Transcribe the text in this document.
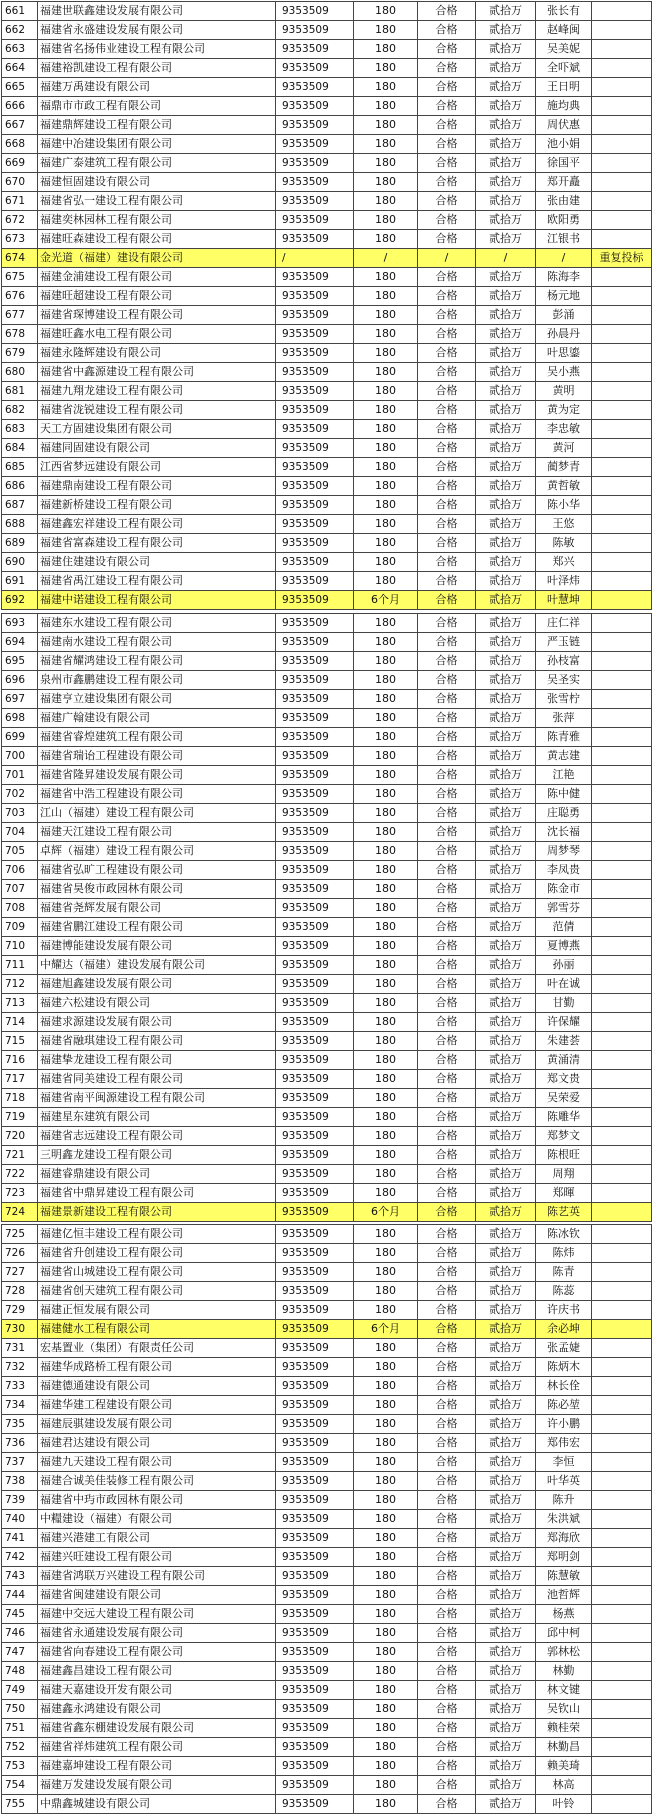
661	福建世联鑫建设发展有限公司	9353509	180	合格	贰拾万	张长有	
662	福建省永盛建设发展有限公司	9353509	180	合格	贰拾万	赵峰闽	
663	福建省名扬伟业建设工程有限公司	9353509	180	合格	贰拾万	吴美妮	
664	福建裕凯建设工程有限公司	9353509	180	合格	贰拾万	全吓斌	
665	福建万禹建设有限公司	9353509	180	合格	贰拾万	王日明	
666	福鼎市市政工程有限公司	9353509	180	合格	贰拾万	施均典	
667	福建鼎辉建设工程有限公司	9353509	180	合格	贰拾万	周伏惠	
668	福建中冶建设集团有限公司	9353509	180	合格	贰拾万	池小娟	
669	福建广泰建筑工程有限公司	9353509	180	合格	贰拾万	徐国平	
670	福建恒固建设有限公司	9353509	180	合格	贰拾万	郑开矗	
671	福建省弘一建设工程有限公司	9353509	180	合格	贰拾万	张由建	
672	福建奕林园林工程有限公司	9353509	180	合格	贰拾万	欧阳勇	
673	福建旺森建设工程有限公司	9353509	180	合格	贰拾万	江银书	
674	金光道（福建）建设有限公司	/	/	/	/	/	重复投标
675	福建金浦建设工程有限公司	9353509	180	合格	贰拾万	陈海李	
676	福建旺超建设工程有限公司	9353509	180	合格	贰拾万	杨元地	
677	福建省琛博建设工程有限公司	9353509	180	合格	贰拾万	彭涌	
678	福建旺鑫水电工程有限公司	9353509	180	合格	贰拾万	孙晨丹	
679	福建永隆辉建设有限公司	9353509	180	合格	贰拾万	叶思鎏	
680	福建省中鑫源建设工程有限公司	9353509	180	合格	贰拾万	吴小燕	
681	福建九翔龙建设工程有限公司	9353509	180	合格	贰拾万	黄明	
682	福建省泷锐建设工程有限公司	9353509	180	合格	贰拾万	黄为定	
683	天工方固建设集团有限公司	9353509	180	合格	贰拾万	李忠敏	
684	福建同固建设有限公司	9353509	180	合格	贰拾万	黄河	
685	江西省梦远建设有限公司	9353509	180	合格	贰拾万	蔺梦青	
686	福建鼎南建设工程有限公司	9353509	180	合格	贰拾万	黄哲敏	
687	福建新桥建设工程有限公司	9353509	180	合格	贰拾万	陈小华	
688	福建鑫宏祥建设工程有限公司	9353509	180	合格	贰拾万	王悠	
689	福建省富森建设工程有限公司	9353509	180	合格	贰拾万	陈敏	
690	福建住建建设有限公司	9353509	180	合格	贰拾万	郑兴	
691	福建省禹江建设工程有限公司	9353509	180	合格	贰拾万	叶泽炜	
692	福建中诺建设工程有限公司	9353509	6个月	合格	贰拾万	叶慧坤	
693	福建东水建设工程有限公司	9353509	180	合格	贰拾万	庄仁祥	
694	福建南水建设工程有限公司	9353509	180	合格	贰拾万	严玉链	
695	福建省耀鸿建设工程有限公司	9353509	180	合格	贰拾万	孙枝富	
696	泉州市鑫鹏建设工程有限公司	9353509	180	合格	贰拾万	吴圣实	
697	福建亨立建设集团有限公司	9353509	180	合格	贰拾万	张雪柠	
698	福建广翰建设有限公司	9353509	180	合格	贰拾万	张萍	
699	福建省睿煌建筑工程有限公司	9353509	180	合格	贰拾万	陈青雅	
700	福建省瑞诒工程建设有限公司	9353509	180	合格	贰拾万	黄志建	
701	福建省隆昇建设发展有限公司	9353509	180	合格	贰拾万	江艳	
702	福建省中浩工程建设有限公司	9353509	180	合格	贰拾万	陈中健	
703	江山（福建）建设工程有限公司	9353509	180	合格	贰拾万	庄聪勇	
704	福建天江建设工程有限公司	9353509	180	合格	贰拾万	沈长福	
705	卓辉（福建）建设工程有限公司	9353509	180	合格	贰拾万	周梦琴	
706	福建省弘旷工程建设有限公司	9353509	180	合格	贰拾万	李凤贵	
707	福建省昊俊市政园林有限公司	9353509	180	合格	贰拾万	陈金市	
708	福建省尧辉发展有限公司	9353509	180	合格	贰拾万	郭雪芬	
709	福建省鹏江建设工程有限公司	9353509	180	合格	贰拾万	范倩	
710	福建博能建设发展有限公司	9353509	180	合格	贰拾万	夏博燕	
711	中耀达（福建）建设发展有限公司	9353509	180	合格	贰拾万	孙丽	
712	福建旭鑫建设发展有限公司	9353509	180	合格	贰拾万	叶在诚	
713	福建六松建设有限公司	9353509	180	合格	贰拾万	甘勤	
714	福建求源建设发展有限公司	9353509	180	合格	贰拾万	许保耀	
715	福建省融琪建设工程有限公司	9353509	180	合格	贰拾万	朱建荟	
716	福建挚龙建设工程有限公司	9353509	180	合格	贰拾万	黄涌清	
717	福建省同美建设工程有限公司	9353509	180	合格	贰拾万	郑文贵	
718	福建省南平闽源建设工程有限公司	9353509	180	合格	贰拾万	吴荣爱	
719	福建星东建筑有限公司	9353509	180	合格	贰拾万	陈雕华	
720	福建省志远建设工程有限公司	9353509	180	合格	贰拾万	郑梦文	
721	三明鑫龙建设工程有限公司	9353509	180	合格	贰拾万	陈根旺	
722	福建睿鼎建设有限公司	9353509	180	合格	贰拾万	周翔	
723	福建省中鼎昇建设工程有限公司	9353509	180	合格	贰拾万	郑暉	
724	福建景新建设工程有限公司	9353509	6个月	合格	贰拾万	陈艺英	
725	福建亿恒丰建设工程有限公司	9353509	180	合格	贰拾万	陈冰钦	
726	福建省升创建设工程有限公司	9353509	180	合格	贰拾万	陈炜	
727	福建省山城建设工程有限公司	9353509	180	合格	贰拾万	陈青	
728	福建省创天建筑工程有限公司	9353509	180	合格	贰拾万	陈蕊	
729	福建正恒发展有限公司	9353509	180	合格	贰拾万	许庆书	
730	福建健水工程有限公司	9353509	6个月	合格	贰拾万	余必坤	
731	宏基置业（集团）有限责任公司	9353509	180	合格	贰拾万	张孟婕	
732	福建华成路桥工程有限公司	9353509	180	合格	贰拾万	陈炳木	
733	福建德通建设有限公司	9353509	180	合格	贰拾万	林长佺	
734	福建华建工程建设有限公司	9353509	180	合格	贰拾万	陈必堃	
735	福建辰骐建设发展有限公司	9353509	180	合格	贰拾万	许小鹏	
736	福建君达建设有限公司	9353509	180	合格	贰拾万	郑伟宏	
737	福建九天建设工程有限公司	9353509	180	合格	贰拾万	李恒	
738	福建合诚美佳装修工程有限公司	9353509	180	合格	贰拾万	叶华英	
739	福建省中玙市政园林有限公司	9353509	180	合格	贰拾万	陈升	
740	中糧建设（福建）有限公司	9353509	180	合格	贰拾万	朱洪斌	
741	福建兴港建工有限公司	9353509	180	合格	贰拾万	郑海欣	
742	福建兴旺建设工程有限公司	9353509	180	合格	贰拾万	郑明剑	
743	福建省鸿联万兴建设工程有限公司	9353509	180	合格	贰拾万	陈慧敏	
744	福建省闽建建设有限公司	9353509	180	合格	贰拾万	池哲辉	
745	福建中交远大建设工程有限公司	9353509	180	合格	贰拾万	杨燕	
746	福建省永通建设发展有限公司	9353509	180	合格	贰拾万	邱中柯	
747	福建省向春建设工程有限公司	9353509	180	合格	贰拾万	郭林松	
748	福建鑫昌建设工程有限公司	9353509	180	合格	贰拾万	林勤	
749	福建天嘉建设开发有限公司	9353509	180	合格	贰拾万	林文键	
750	福建鑫永鸿建设有限公司	9353509	180	合格	贰拾万	吴钦山	
751	福建省鑫东棚建设发展有限公司	9353509	180	合格	贰拾万	赖桂荣	
752	福建省祥炜建筑工程有限公司	9353509	180	合格	贰拾万	林勤昌	
753	福建嘉坤建设工程有限公司	9353509	180	合格	贰拾万	赖美琦	
754	福建万发建设发展有限公司	9353509	180	合格	贰拾万	林高	
755	中鼎鑫城建设有限公司	9353509	180	合格	贰拾万	叶铃	
